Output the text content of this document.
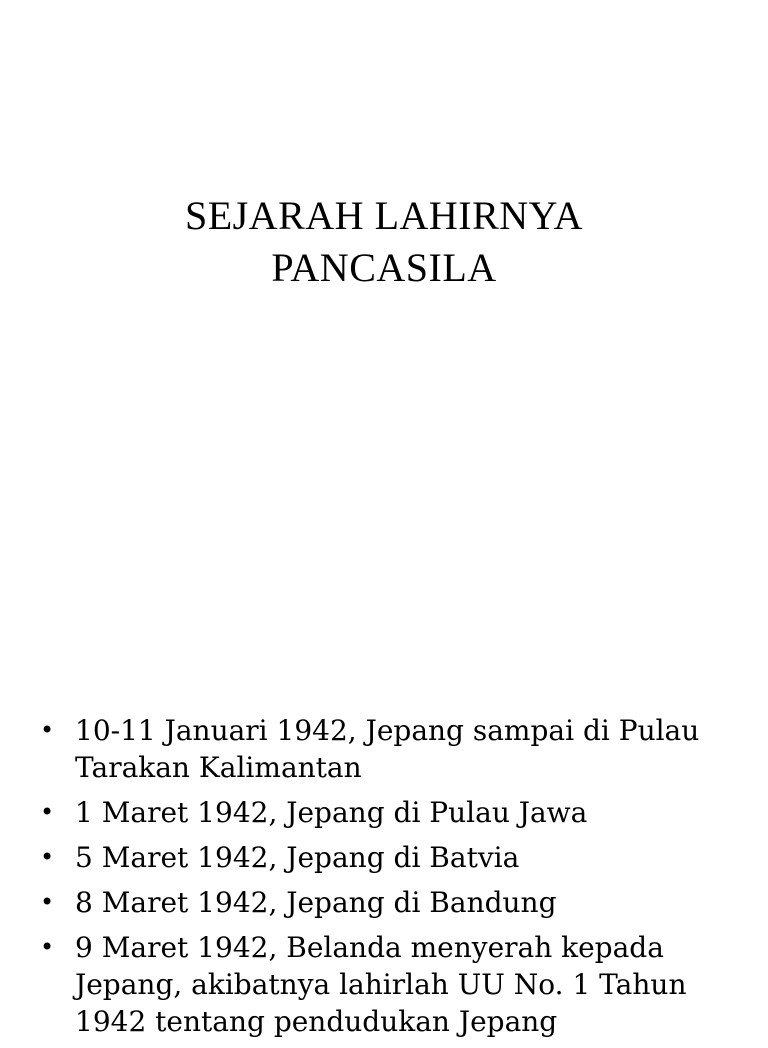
SEJARAH LAHIRNYA
PANCASILA
• 10-11 Januari 1942, Jepang sampai di Pulau Tarakan Kalimantan
• 1 Maret 1942, Jepang di Pulau Jawa
• 5 Maret 1942, Jepang di Batvia
• 8 Maret 1942, Jepang di Bandung
• 9 Maret 1942, Belanda menyerah kepada Jepang, akibatnya lahirlah UU No. 1 Tahun 1942 tentang pendudukan Jepang
